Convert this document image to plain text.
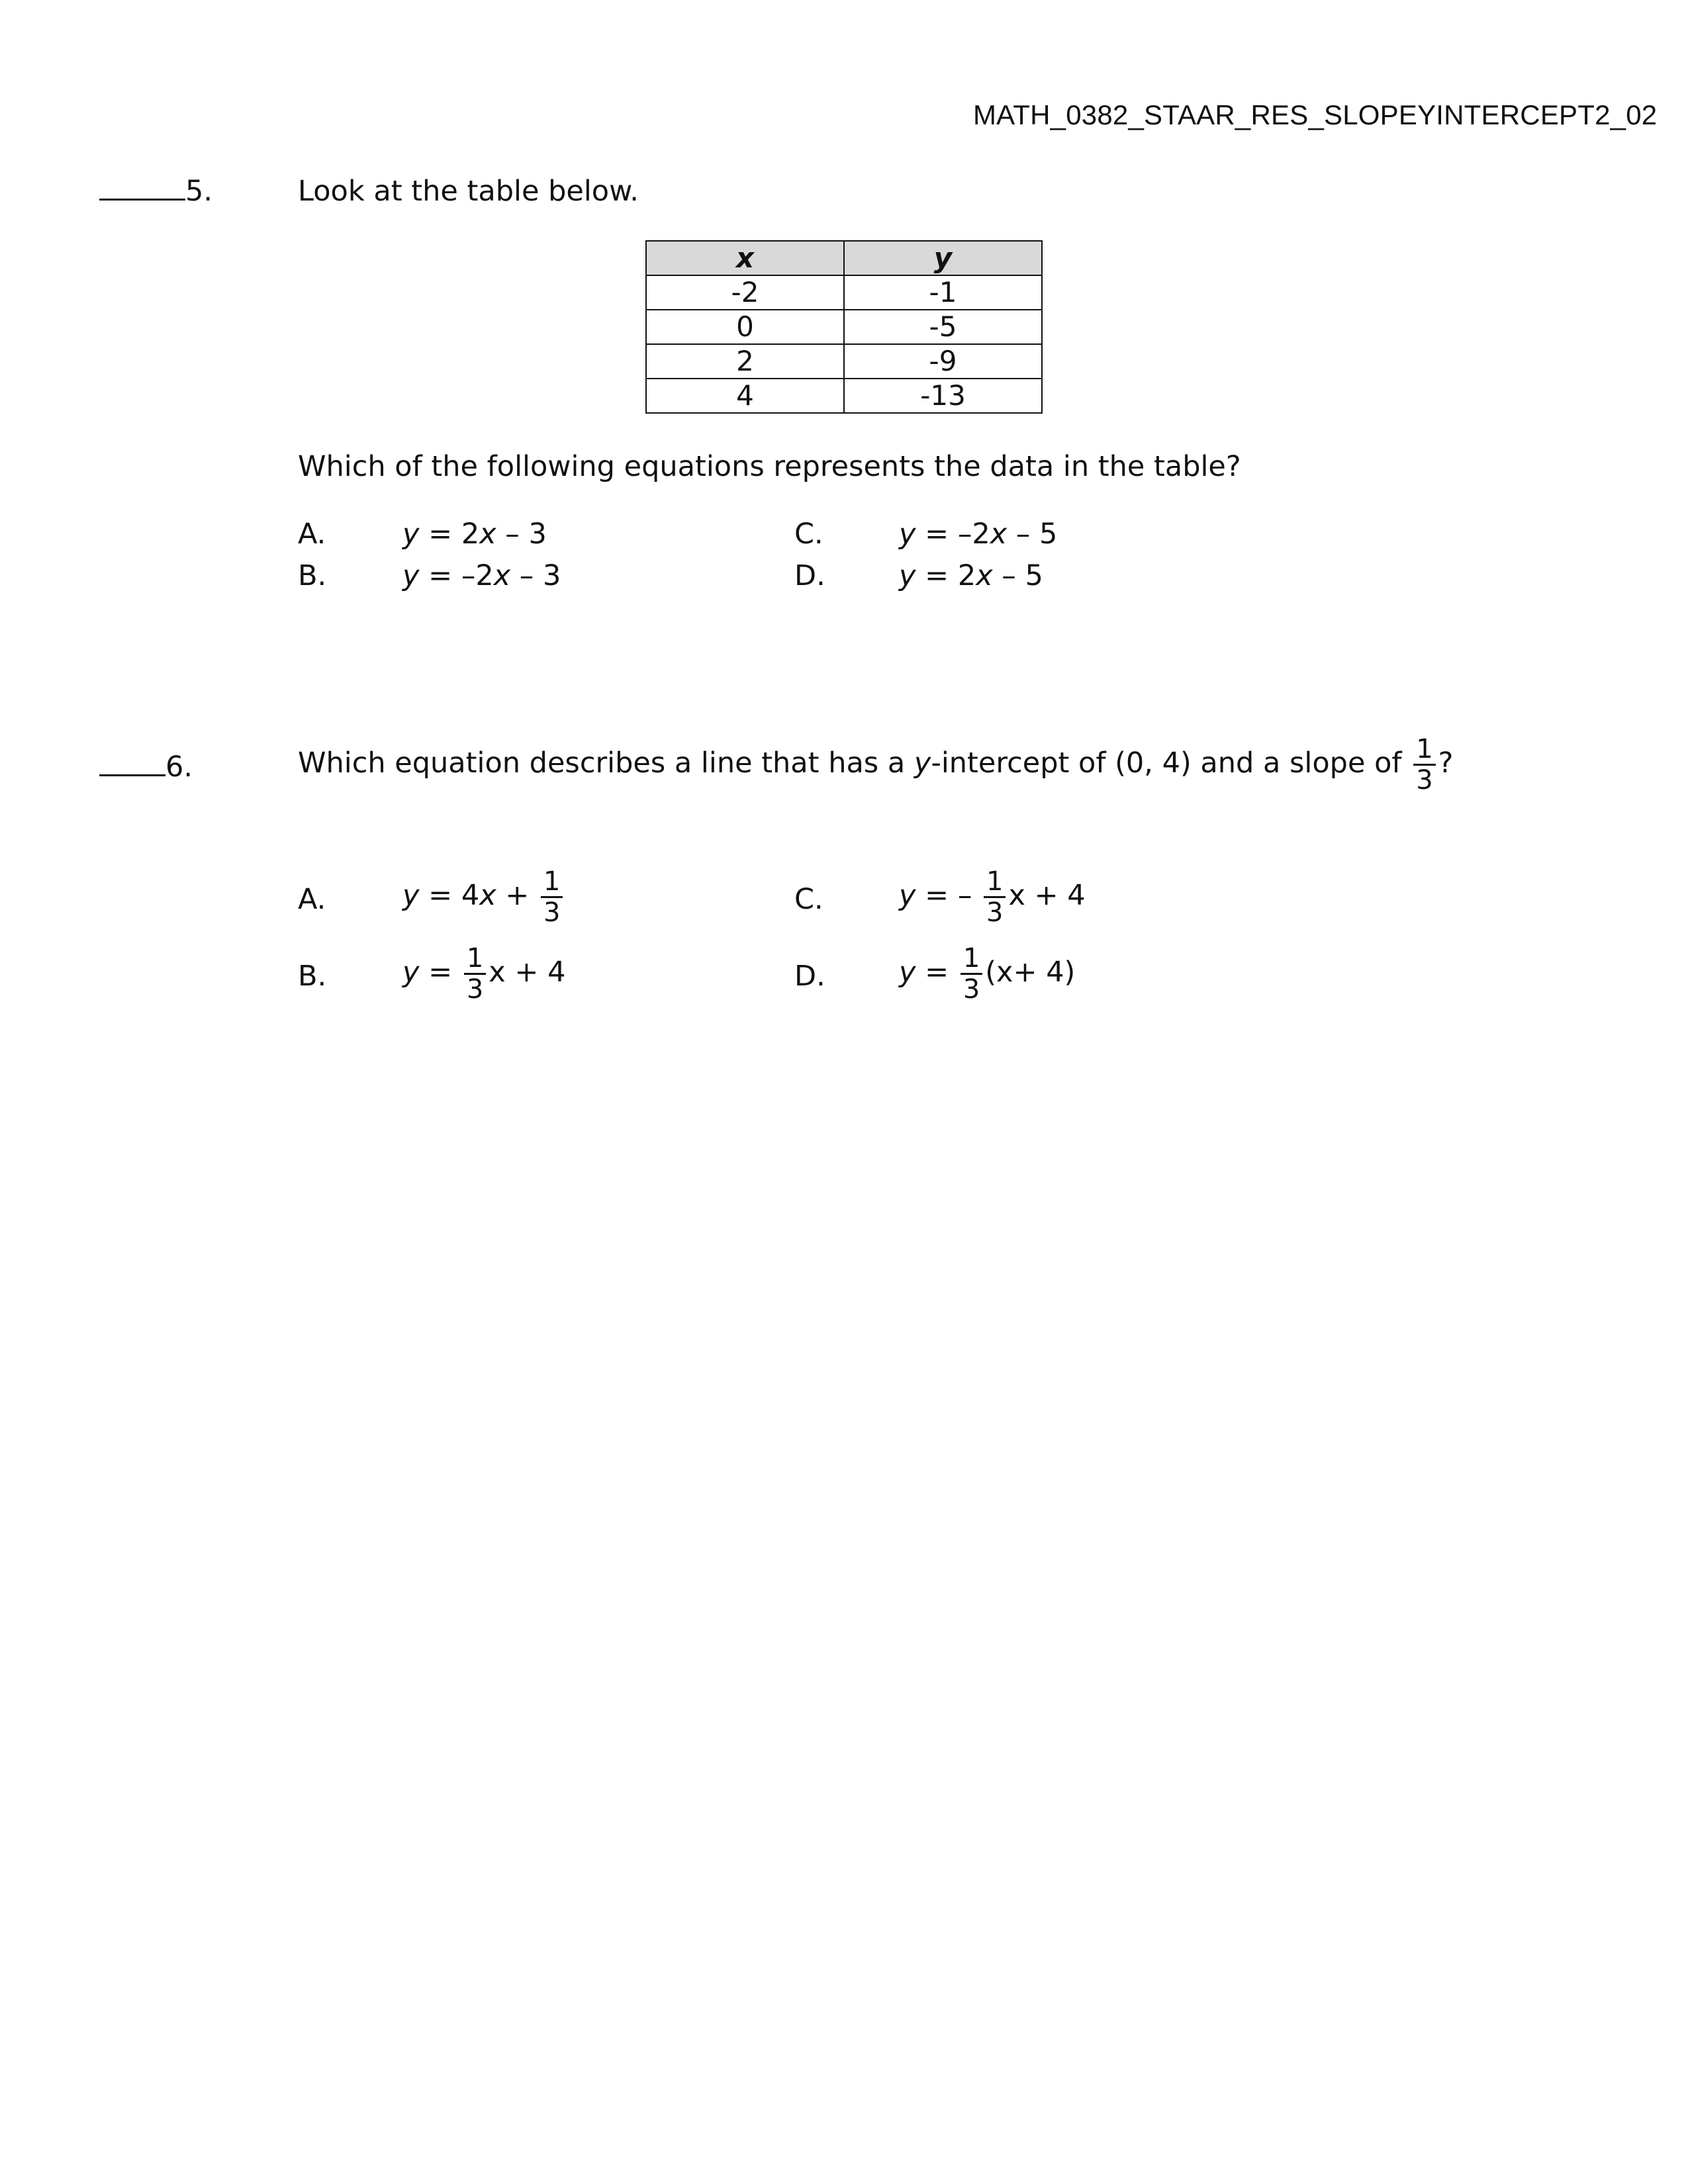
MATH_0382_STAAR_RES_SLOPEYINTERCEPT2_02
5.	Look at the table below.
x	y
-2	-1
0	-5
2	-9
4	-13
Which of the following equations represents the data in the table?
A.	y = 2x – 3
B.	y = –2x – 3
C.	y = –2x – 5
D.	y = 2x – 5
6.	Which equation describes a line that has a y-intercept of (0, 4) and a slope of $\frac{1}{3}$ ?
A.	$y = 4x + \frac{1}{3}$
B.	$y = \frac{1}{3}$ x + 4
C.	y = – $\frac{1}{3}$ x + 4
D.	$y = \frac{1}{3} (x+ 4)$
